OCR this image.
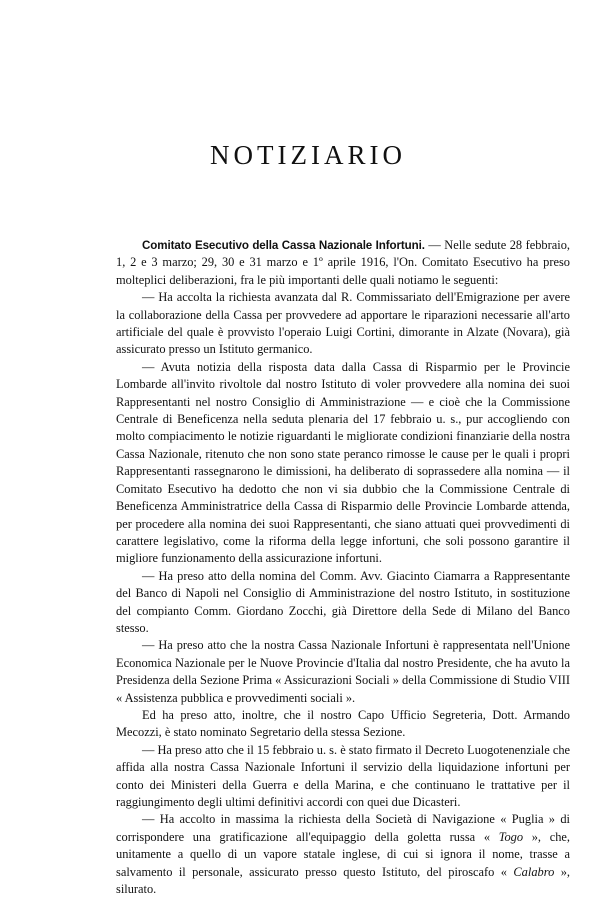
NOTIZIARIO

Comitato Esecutivo della Cassa Nazionale Infortuni. — Nelle sedute 28 febbraio, 1, 2 e 3 marzo; 29, 30 e 31 marzo e 1º aprile 1916, l'On. Comitato Esecutivo ha preso molteplici deliberazioni, fra le più importanti delle quali notiamo le seguenti:

— Ha accolta la richiesta avanzata dal R. Commissariato dell'Emigrazione per avere la collaborazione della Cassa per provvedere ad apportare le riparazioni necessarie all'arto artificiale del quale è provvisto l'operaio Luigi Cortini, dimorante in Alzate (Novara), già assicurato presso un Istituto germanico.

— Avuta notizia della risposta data dalla Cassa di Risparmio per le Provincie Lombarde all'invito rivoltole dal nostro Istituto di voler provvedere alla nomina dei suoi Rappresentanti nel nostro Consiglio di Amministrazione — e cioè che la Commissione Centrale di Beneficenza nella seduta plenaria del 17 febbraio u. s., pur accogliendo con molto compiacimento le notizie riguardanti le migliorate condizioni finanziarie della nostra Cassa Nazionale, ritenuto che non sono state peranco rimosse le cause per le quali i propri Rappresentanti rassegnarono le dimissioni, ha deliberato di soprassedere alla nomina — il Comitato Esecutivo ha dedotto che non vi sia dubbio che la Commissione Centrale di Beneficenza Amministratrice della Cassa di Risparmio delle Provincie Lombarde attenda, per procedere alla nomina dei suoi Rappresentanti, che siano attuati quei provvedimenti di carattere legislativo, come la riforma della legge infortuni, che soli possono garantire il migliore funzionamento della assicurazione infortuni.

— Ha preso atto della nomina del Comm. Avv. Giacinto Ciamarra a Rappresentante del Banco di Napoli nel Consiglio di Amministrazione del nostro Istituto, in sostituzione del compianto Comm. Giordano Zocchi, già Direttore della Sede di Milano del Banco stesso.

— Ha preso atto che la nostra Cassa Nazionale Infortuni è rappresentata nell'Unione Economica Nazionale per le Nuove Provincie d'Italia dal nostro Presidente, che ha avuto la Presidenza della Sezione Prima « Assicurazioni Sociali » della Commissione di Studio VIII « Assistenza pubblica e provvedimenti sociali ».

Ed ha preso atto, inoltre, che il nostro Capo Ufficio Segreteria, Dott. Armando Mecozzi, è stato nominato Segretario della stessa Sezione.

— Ha preso atto che il 15 febbraio u. s. è stato firmato il Decreto Luogotenenziale che affida alla nostra Cassa Nazionale Infortuni il servizio della liquidazione infortuni per conto dei Ministeri della Guerra e della Marina, e che continuano le trattative per il raggiungimento degli ultimi definitivi accordi con quei due Dicasteri.

— Ha accolto in massima la richiesta della Società di Navigazione « Puglia » di corrispondere una gratificazione all'equipaggio della goletta russa « Togo », che, unitamente a quello di un vapore statale inglese, di cui si ignora il nome, trasse a salvamento il personale, assicurato presso questo Istituto, del piroscafo « Calabro », silurato.
